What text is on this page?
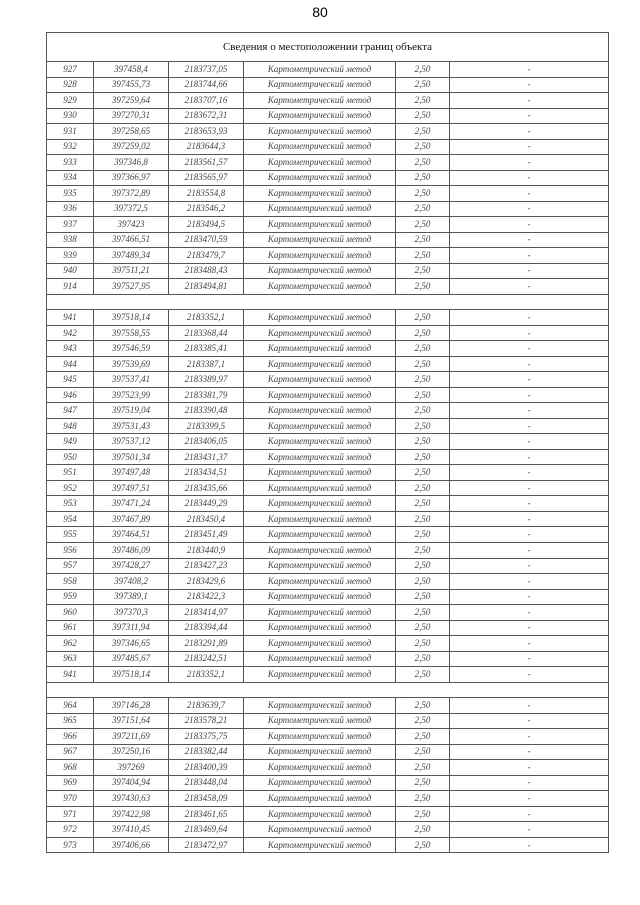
80
Сведения о местоположении границ объекта					
927	397458,4	2183737,05	Картометрический метод	2,50	-
928	397455,73	2183744,66	Картометрический метод	2,50	-
929	397259,64	2183707,16	Картометрический метод	2,50	-
930	397270,31	2183672,31	Картометрический метод	2,50	-
931	397258,65	2183653,93	Картометрический метод	2,50	-
932	397259,02	2183644,3	Картометрический метод	2,50	-
933	397346,8	2183561,57	Картометрический метод	2,50	-
934	397366,97	2183565,97	Картометрический метод	2,50	-
935	397372,89	2183554,8	Картометрический метод	2,50	-
936	397372,5	2183546,2	Картометрический метод	2,50	-
937	397423	2183494,5	Картометрический метод	2,50	-
938	397466,51	2183470,59	Картометрический метод	2,50	-
939	397489,34	2183479,7	Картометрический метод	2,50	-
940	397511,21	2183488,43	Картометрический метод	2,50	-
914	397527,95	2183494,81	Картометрический метод	2,50	-

941	397518,14	2183352,1	Картометрический метод	2,50	-
942	397558,55	2183368,44	Картометрический метод	2,50	-
943	397546,59	2183385,41	Картометрический метод	2,50	-
944	397539,69	2183387,1	Картометрический метод	2,50	-
945	397537,41	2183389,97	Картометрический метод	2,50	-
946	397523,99	2183381,79	Картометрический метод	2,50	-
947	397519,04	2183390,48	Картометрический метод	2,50	-
948	397531,43	2183399,5	Картометрический метод	2,50	-
949	397537,12	2183406,05	Картометрический метод	2,50	-
950	397501,34	2183431,37	Картометрический метод	2,50	-
951	397497,48	2183434,51	Картометрический метод	2,50	-
952	397497,51	2183435,66	Картометрический метод	2,50	-
953	397471,24	2183449,29	Картометрический метод	2,50	-
954	397467,89	2183450,4	Картометрический метод	2,50	-
955	397464,51	2183451,49	Картометрический метод	2,50	-
956	397486,09	2183440,9	Картометрический метод	2,50	-
957	397428,27	2183427,23	Картометрический метод	2,50	-
958	397408,2	2183429,6	Картометрический метод	2,50	-
959	397389,1	2183422,3	Картометрический метод	2,50	-
960	397370,3	2183414,97	Картометрический метод	2,50	-
961	397311,94	2183394,44	Картометрический метод	2,50	-
962	397346,65	2183291,89	Картометрический метод	2,50	-
963	397485,67	2183242,51	Картометрический метод	2,50	-
941	397518,14	2183352,1	Картометрический метод	2,50	-

964	397146,28	2183639,7	Картометрический метод	2,50	-
965	397151,64	2183578,21	Картометрический метод	2,50	-
966	397211,69	2183375,75	Картометрический метод	2,50	-
967	397250,16	2183382,44	Картометрический метод	2,50	-
968	397269	2183400,39	Картометрический метод	2,50	-
969	397404,94	2183448,04	Картометрический метод	2,50	-
970	397430,63	2183458,09	Картометрический метод	2,50	-
971	397422,98	2183461,65	Картометрический метод	2,50	-
972	397410,45	2183469,64	Картометрический метод	2,50	-
973	397406,66	2183472,97	Картометрический метод	2,50	-
